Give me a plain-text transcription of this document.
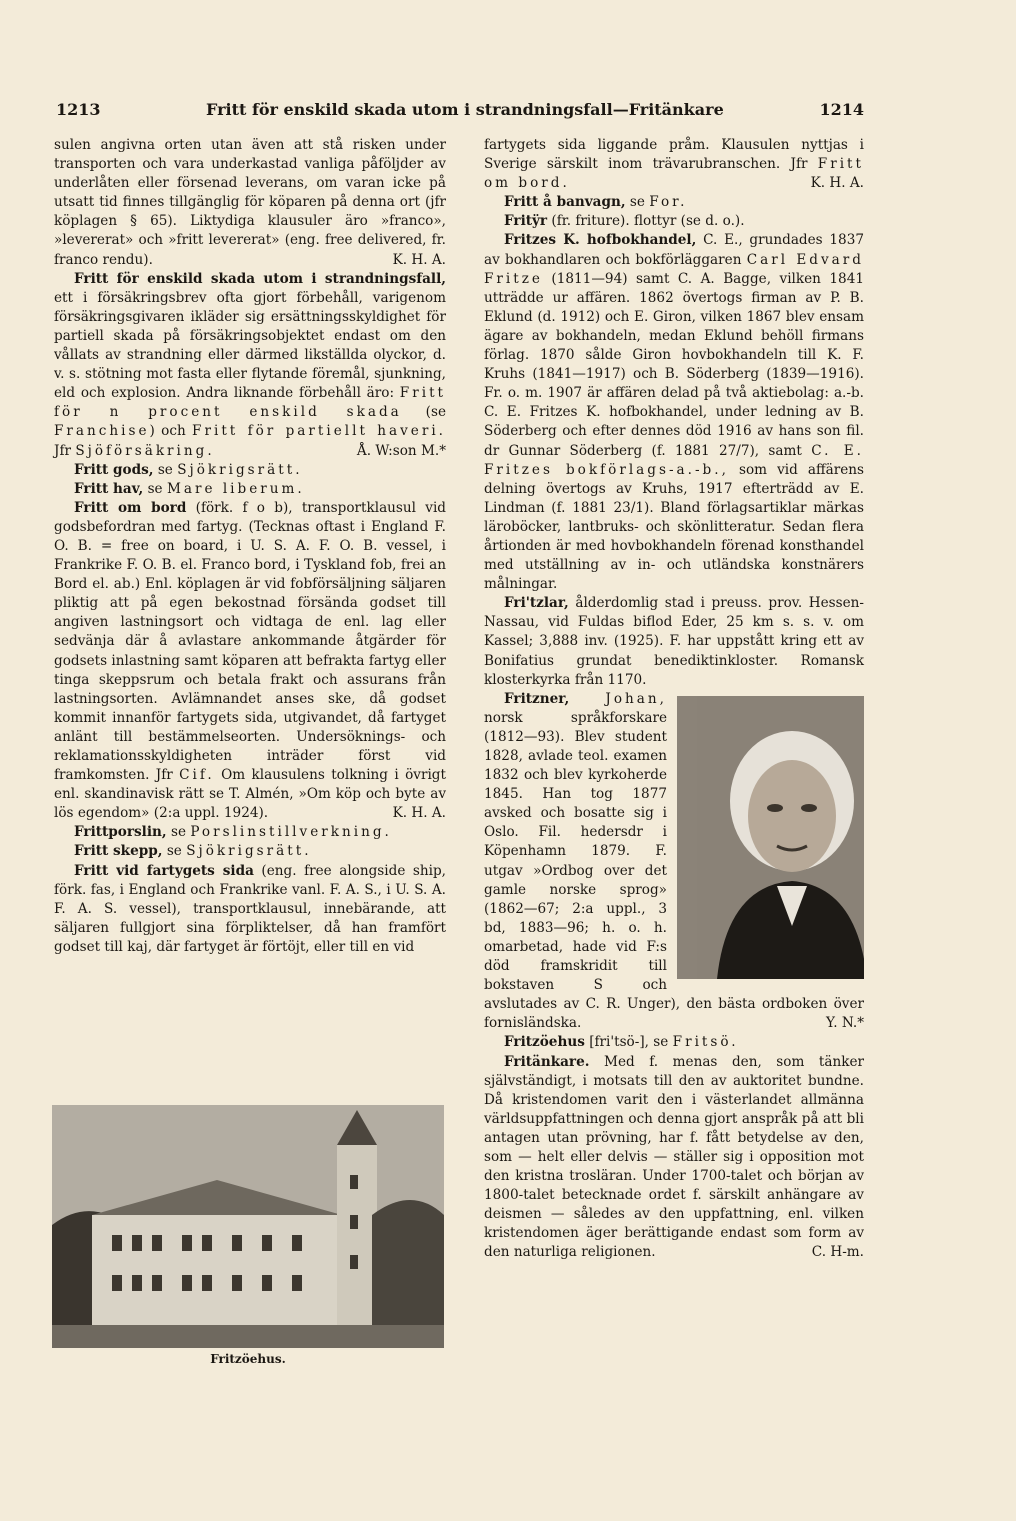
1213	Fritt för enskild skada utom i strandningsfall—Fritänkare	1214

sulen angivna orten utan även att stå risken under transporten och vara underkastad vanliga påföljder av underlåten eller försenad leverans, om varan icke på utsatt tid finnes tillgänglig för köparen på denna ort (jfr köplagen § 65). Liktydiga klausuler äro »franco», »levererat» och »fritt levererat» (eng. free delivered, fr. franco rendu).	K. H. A.

Fritt för enskild skada utom i strandningsfall, ett i försäkringsbrev ofta gjort förbehåll, varigenom försäkringsgivaren ikläder sig ersättningsskyldighet för partiell skada på försäkringsobjektet endast om den vållats av strandning eller därmed likställda olyckor, d. v. s. stötning mot fasta eller flytande föremål, sjunkning, eld och explosion. Andra liknande förbehåll äro: Fritt för n procent enskild skada (se Franchise) och Fritt för partiellt haveri. Jfr Sjöförsäkring.	Å. W:son M.*

Fritt gods, se Sjökrigsrätt.

Fritt hav, se Mare liberum.

Fritt om bord (förk. f o b), transportklausul vid godsbefordran med fartyg. (Tecknas oftast i England F. O. B. = free on board, i U. S. A. F. O. B. vessel, i Frankrike F. O. B. el. Franco bord, i Tyskland fob, frei an Bord el. ab.) Enl. köplagen är vid fobförsäljning säljaren pliktig att på egen bekostnad försända godset till angiven lastningsort och vidtaga de enl. lag eller sedvänja där å avlastare ankommande åtgärder för godsets inlastning samt köparen att befrakta fartyg eller tinga skeppsrum och betala frakt och assurans från lastningsorten. Avlämnandet anses ske, då godset kommit innanför fartygets sida, utgivandet, då fartyget anlänt till bestämmelseorten. Undersöknings- och reklamationsskyldigheten inträder först vid framkomsten. Jfr Cif. Om klausulens tolkning i övrigt enl. skandinavisk rätt se T. Almén, »Om köp och byte av lös egendom» (2:a uppl. 1924).	K. H. A.

Frittporslin, se Porslinstillverkning.

Fritt skepp, se Sjökrigsrätt.

Fritt vid fartygets sida (eng. free alongside ship, förk. fas, i England och Frankrike vanl. F. A. S., i U. S. A. F. A. S. vessel), transportklausul, innebärande, att säljaren fullgjort sina förpliktelser, då han framfört godset till kaj, där fartyget är förtöjt, eller till en vid

Fritzöehus.

fartygets sida liggande pråm. Klausulen nyttjas i Sverige särskilt inom trävarubranschen. Jfr Fritt om bord.	K. H. A.

Fritt å banvagn, se For.

Fritÿr (fr. friture). flottyr (se d. o.).

Fritzes K. hofbokhandel, C. E., grundades 1837 av bokhandlaren och bokförläggaren Carl Edvard Fritze (1811—94) samt C. A. Bagge, vilken 1841 utträdde ur affären. 1862 övertogs firman av P. B. Eklund (d. 1912) och E. Giron, vilken 1867 blev ensam ägare av bokhandeln, medan Eklund behöll firmans förlag. 1870 sålde Giron hovbokhandeln till K. F. Kruhs (1841—1917) och B. Söderberg (1839—1916). Fr. o. m. 1907 är affären delad på två aktiebolag: a.-b. C. E. Fritzes K. hofbokhandel, under ledning av B. Söderberg och efter dennes död 1916 av hans son fil. dr Gunnar Söderberg (f. 1881 27/7), samt C. E. Fritzes bokförlags-a.-b., som vid affärens delning övertogs av Kruhs, 1917 efterträdd av E. Lindman (f. 1881 23/1). Bland förlagsartiklar märkas läroböcker, lantbruks- och skönlitteratur. Sedan flera årtionden är med hovbokhandeln förenad konsthandel med utställning av in- och utländska konstnärers målningar.

Fri'tzlar, ålderdomlig stad i preuss. prov. Hessen-Nassau, vid Fuldas biflod Eder, 25 km s. s. v. om Kassel; 3,888 inv. (1925). F. har uppstått kring ett av Bonifatius grundat benediktinkloster. Romansk klosterkyrka från 1170.

Fritzner,	Johan, norsk språkforskare (1812—93). Blev student 1828, avlade teol. examen 1832 och blev kyrkoherde 1845. Han tog 1877 avsked och bosatte sig i Oslo. Fil. hedersdr i Köpenhamn 1879. F. utgav »Ordbog over det gamle norske sprog» (1862—67; 2:a uppl., 3 bd, 1883—96; h. o. h. omarbetad, hade vid F:s död framskridit till bokstaven S och avslutades av C. R. Unger), den bästa ordboken över fornisländska.	Y. N.*

Fritzöehus [fri'tsö-], se Fritsö.

Fritänkare. Med f. menas den, som tänker självständigt, i motsats till den av auktoritet bundne. Då kristendomen varit den i västerlandet allmänna världsuppfattningen och denna gjort anspråk på att bli antagen utan prövning, har f. fått betydelse av den, som — helt eller delvis — ställer sig i opposition mot den kristna trosläran. Under 1700-talet och början av 1800-talet betecknade ordet f. särskilt anhängare av deismen — således av den uppfattning, enl. vilken kristendomen äger berättigande endast som form av den naturliga religionen.	C. H-m.
